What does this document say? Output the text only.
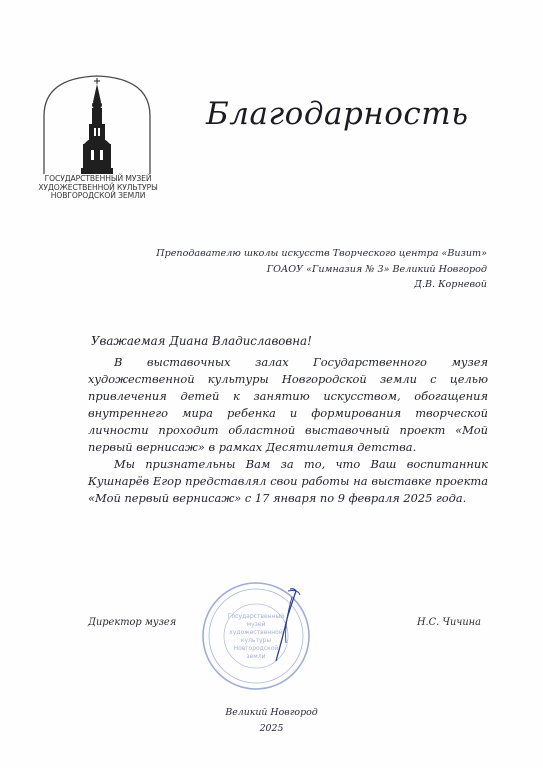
ГОСУДАРСТВЕННЫЙ МУЗЕЙ
ХУДОЖЕСТВЕННОЙ КУЛЬТУРЫ
НОВГОРОДСКОЙ ЗЕМЛИ
Благодарность
Преподавателю школы искусств Творческого центра «Визит»
ГОАОУ «Гимназия № 3» Великий Новгород
Д.В. Корневой
Уважаемая Диана Владиславовна!

В выставочных залах Государственного музея художественной культуры Новгородской земли с целью привлечения детей к занятию искусством, обогащения внутреннего мира ребенка и формирования творческой личности проходит областной выставочный проект «Мой первый вернисаж» в рамках Десятилетия детства.

Мы признательны Вам за то, что Ваш воспитанник Кушнарёв Егор представлял свои работы на выставке проекта «Мой первый вернисаж» с 17 января по 9 февраля 2025 года.

Государственный
музей
художественной
культуры
Новгородской
земли
Директор музея	Н.С. Чичина
Великий Новгород
2025
